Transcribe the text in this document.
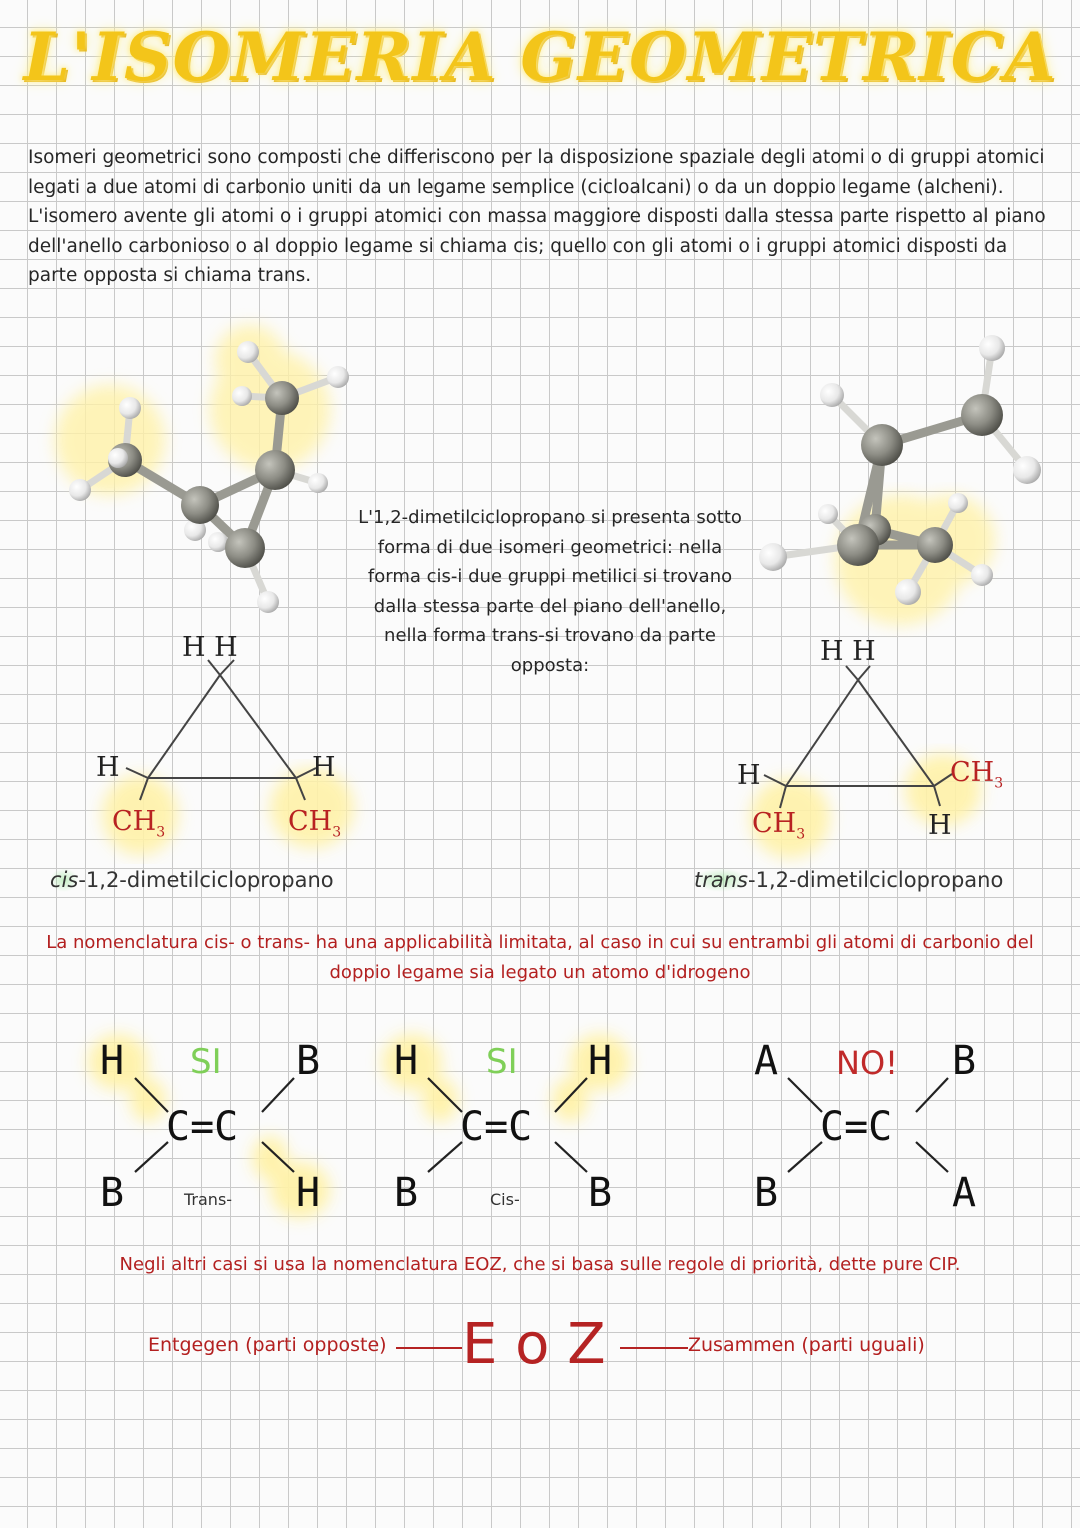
L'ISOMERIA GEOMETRICA

Isomeri geometrici sono composti che differiscono per la disposizione spaziale degli atomi o di gruppi atomici legati a due atomi di carbonio uniti da un legame semplice (cicloalcani) o da un doppio legame (alcheni).

L'isomero avente gli atomi o i gruppi atomici con massa maggiore disposti dalla stessa parte rispetto al piano dell'anello carbonioso o al doppio legame si chiama cis; quello con gli atomi o i gruppi atomici disposti da parte opposta si chiama trans.

L'1,2-dimetilciclopropano si presenta sotto forma di due isomeri geometrici: nella forma cis-i due gruppi metilici si trovano dalla stessa parte del piano dell'anello, nella forma trans-si trovano da parte opposta:
H H
H	H
$CH_3$	$CH_3$
cis-1,2-dimetilciclopropano
H H
H	$CH_3$
$CH_3$	H
trans-1,2-dimetilciclopropano
La nomenclatura cis- o trans- ha una applicabilità limitata, al caso in cui su entrambi gli atomi di carbonio del doppio legame sia legato un atomo d'idrogeno
H SI B
C=C
B	Trans- H
H SI H
C=C
B	Cis- B
A NO! B
C=C
B	A
Negli altri casi si usa la nomenclatura EOZ, che si basa sulle regole di priorità, dette pure CIP.
Entgegen (parti opposte) E o Z	Zusammen (parti uguali)
